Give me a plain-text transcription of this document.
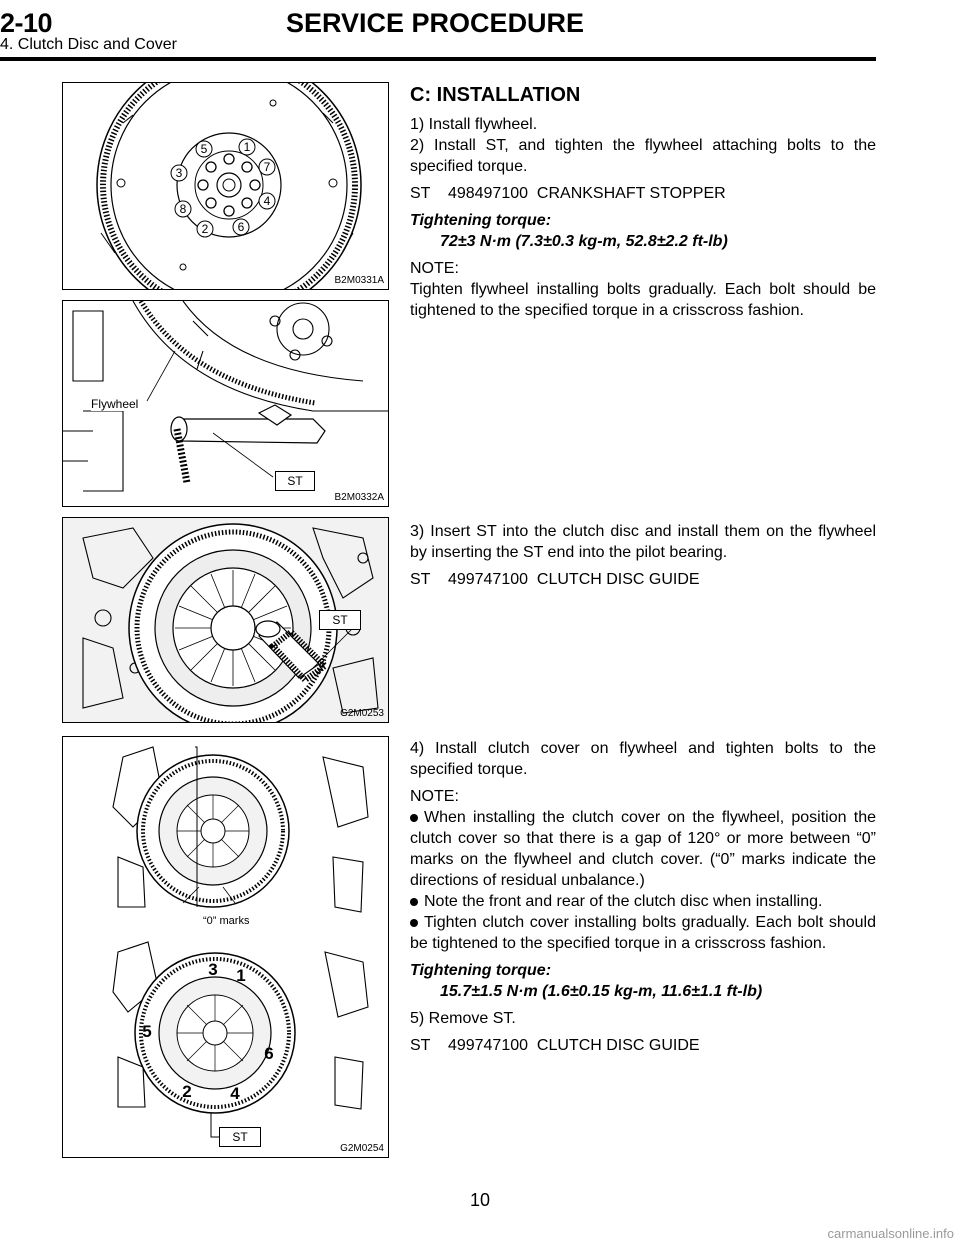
2-10	SERVICE PROCEDURE
4. Clutch Disc and Cover
5	1
7
4
6
2
3
8
B2M0331A
Flywheel
ST
B2M0332A
ST
G2M0253
3 1
5
6
2 4
“0” marks
ST
G2M0254

C: INSTALLATION

1) Install flywheel.

2) Install ST, and tighten the flywheel attaching bolts to the specified torque.

ST    498497100  CRANKSHAFT STOPPER

Tightening torque:

72±3 N·m (7.3±0.3 kg-m, 52.8±2.2 ft-lb)

NOTE:

Tighten flywheel installing bolts gradually. Each bolt should be tightened to the specified torque in a crisscross fashion.

3) Insert ST into the clutch disc and install them on the flywheel by inserting the ST end into the pilot bearing.

ST    499747100  CLUTCH DISC GUIDE

4) Install clutch cover on flywheel and tighten bolts to the specified torque.

NOTE:

When installing the clutch cover on the flywheel, position the clutch cover so that there is a gap of 120° or more between “0” marks on the flywheel and clutch cover. (“0” marks indicate the directions of residual unbalance.)

Note the front and rear of the clutch disc when installing.

Tighten clutch cover installing bolts gradually. Each bolt should be tightened to the specified torque in a crisscross fashion.

Tightening torque:

15.7±1.5 N·m (1.6±0.15 kg-m, 11.6±1.1 ft-lb)

5) Remove ST.

ST    499747100  CLUTCH DISC GUIDE

10
carmanualsonline.info
